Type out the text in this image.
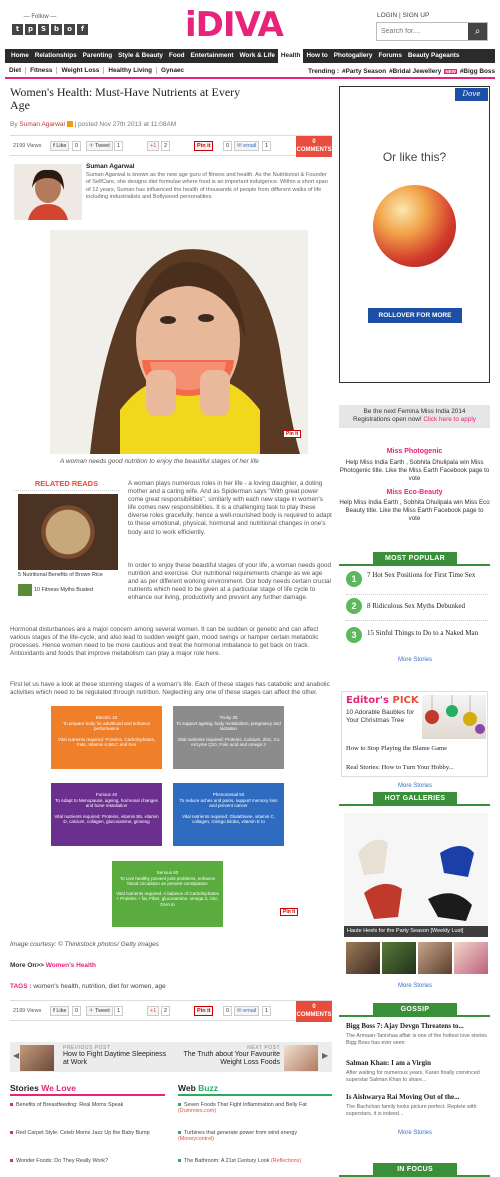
— Follow —
t	p	S	b	o	f	iDIVA	LOGIN | SIGN UP
Search for....
⌕
Home Relationships Parenting Style & Beauty Food Entertainment Work & Life Health How to Photogallery Forums Beauty Pageants
Diet	Fitness	Weight Loss	Healthy Living	Gynaec	Trending : #Party Season #Bridal Jewellery NEW #Bigg Boss
Women's Health: Must-Have Nutrients at Every Age
By Suman Agarwal | posted Nov 27th 2013 at 11:08AM
2199 Views	f Like	0	✈ Tweet	1	+1	2	Pin it	0	✉ email	1
0
COMMENTS
Suman Agarwal
Suman Agarwal is known as the new age guru of fitness and health. As the Nutritionist & Founder of SelfCare, she designs diet formulae where food is an important indulgence. Within a short span of 12 years, Suman has influenced the health of thousands of people from different walks of life including industrialists and Bollywood personalities.
Pin it
A woman needs good nutrition to enjoy the beautiful stages of her life
RELATED READS
5 Nutritional Benefits of Brown Rice
10 Fitness Myths Busted
A woman plays numerous roles in her life - a loving daughter, a doting mother and a caring wife. And as Spiderman says "With great power come great responsibilities", similarly with each new stage in women's life comes new responsibilities. It is a challenging task to play these diverse roles gracefully; hence a well-nourished body is required to adapt to these emotional, physical, hormonal and nutritional changes in one's body and to work efficiently.
In order to enjoy these beautiful stages of your life, a woman needs good nutrition and exercise. Our nutritional requirements change as we age and as per different working environment. Our body needs certain crucial nutrients which need to be given at a particular stage of life cycle to enhance our living, productivity and prevent any further damage.
Hormonal disturbances are a major concern among several women. It can be sudden or genetic and can affect various stages of the life-cycle, and also lead to sudden weight gain, mood swings or hamper certain metabolic processes. Hence women need to be more cautious and treat the hormonal imbalance to get back on track. Antioxidants and foods that improve metabolism can play a major role here.
First let us have a look at these stunning stages of a woman's life. Each of these stages has catabolic and anabolic activities which need to be regulated through nutrition. Neglecting any one of these stages can affect the other.
Electric 18
To prepare body for adulthood and enhance performance
Vital nutrients required: Proteins, Carbohydrates, Fats, Vitamin A,B6,C and Iron
Tricky 25
To support ageing, body metabolism, pregnancy and lactation
Vital nutrients required: Proteins, Calcium, Zinc, Co enzyme Q10, Folic acid and omega 3
Furious 40
To Adapt to Menopause, ageing, hormonal changes and bone retardation
Vital nutrients required: Proteins, vitamin B6, vitamin D, calcium, collagen, glucosamine, ginseng
Phenomenal 50
To reduce aches and pains, support memory loss and prevent cancer
Vital nutrients required: Glutathione, vitamin C, collagen, Ginkgo biloba, vitamin E to
Serious 60
To Live healthy prevent joint problems, enhance blood circulation an prevent constipation
Vital nutrients required: A balance of Carbohydrates + Proteins + fat, Fiber, glucosamine, omega 3, zinc, DHA to
Pin it
Image courtesy: © Thinkstock photos/ Getty images
More On>> Women's Health
TAGS : women's health, nutrition, diet for women, age
2199 Views	f Like	0	✈ Tweet	1	+1	2	Pin it	0	✉ email	1
0
COMMENTS
◀
PREVIOUS POST
How to Fight Daytime Sleepiness at Work
NEXT POST
The Truth about Your Favourite Weight Loss Foods
▶
Stories We Love
Benefits of Breastfeeding: Real Moms Speak
Red Carpet Style: Celeb Moms Jazz Up the Baby Bump
Wonder Foods: Do They Really Work?
Web Buzz
Seven Foods That Fight Inflammation and Belly Fat (Dummies.com)
Turbines that generate power from wind energy (Moneycontrol)
The Bathroom: A 21st Century Look (Reflections)
Dove
Or like this?
ROLLOVER FOR MORE
Be the next Femina Miss India 2014
Registrations open now! Click here to apply
Miss Photogenic
Help Miss India Earth , Sobhita Dhulipala win Miss Photogenic title. Like the Miss Earth Facebook page to vote
Miss Eco-Beauty
Help Miss India Earth , Sobhita Dhulipala win Miss Eco Beauty title. Like the Miss Earth Facebook page to vote
MOST POPULAR
1	7 Hot Sex Positions for First Time Sex
2	8 Ridiculous Sex Myths Debunked
3	15 Sinful Things to Do to a Naked Man
More Stories
Editor's PICK
10 Adorable Baubles for Your Christmas Tree
How to Stop Playing the Blame Game
Real Stories: How to Turn Your Hobby...
More Stories
HOT GALLERIES
Haute Heels for the Party Season [Weekly Lust]
More Stories
GOSSIP
Bigg Boss 7: Ajay Devgn Threatens to...
The Armaan-Tanishaa affair is one of the hottest love stories Bigg Boss has ever seen
Salman Khan: I am a Virgin
After waiting for numerous years, Karan finally convinced superstar Salman Khan to share...
Is Aishwarya Rai Moving Out of the...
The Bachchan family looks picture perfect. Replete with superstars, it is indeed...
More Stories
IN FOCUS
